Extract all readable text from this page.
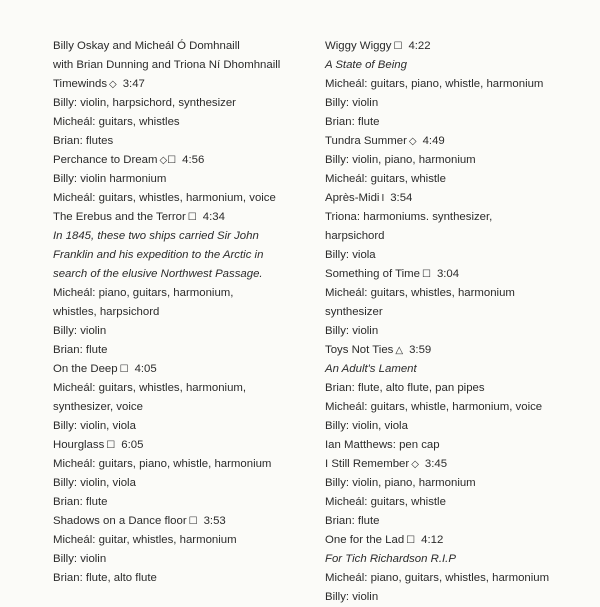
Billy Oskay and Micheál Ó Domhnaill
with Brian Dunning and Triona Ní Dhomhnaill
Timewinds ◇ 3:47
Billy: violin, harpsichord, synthesizer
Micheál: guitars, whistles
Brian: flutes
Perchance to Dream ◇☐ 4:56
Billy: violin harmonium
Micheál: guitars, whistles, harmonium, voice
The Erebus and the Terror ☐ 4:34
In 1845, these two ships carried Sir John
Franklin and his expedition to the Arctic in
search of the elusive Northwest Passage.
Micheál: piano, guitars, harmonium,
whistles, harpsichord
Billy: violin
Brian: flute
On the Deep ☐ 4:05
Micheál: guitars, whistles, harmonium,
synthesizer, voice
Billy: violin, viola
Hourglass ☐ 6:05
Micheál: guitars, piano, whistle, harmonium
Billy: violin, viola
Brian: flute
Shadows on a Dance floor ☐ 3:53
Micheál: guitar, whistles, harmonium
Billy: violin
Brian: flute, alto flute
Wiggy Wiggy ☐ 4:22
A State of Being
Micheál: guitars, piano, whistle, harmonium
Billy: violin
Brian: flute
Tundra Summer ◇ 4:49
Billy: violin, piano, harmonium
Micheál: guitars, whistle
Après-Midi I 3:54
Triona: harmoniums. synthesizer,
harpsichord
Billy: viola
Something of Time ☐ 3:04
Micheál: guitars, whistles, harmonium
synthesizer
Billy: violin
Toys Not Ties △ 3:59
An Adult's Lament
Brian: flute, alto flute, pan pipes
Micheál: guitars, whistle, harmonium, voice
Billy: violin, viola
Ian Matthews: pen cap
I Still Remember ◇ 3:45
Billy: violin, piano, harmonium
Micheál: guitars, whistle
Brian: flute
One for the Lad ☐ 4:12
For Tich Richardson R.I.P
Micheál: piano, guitars, whistles, harmonium
Billy: violin
